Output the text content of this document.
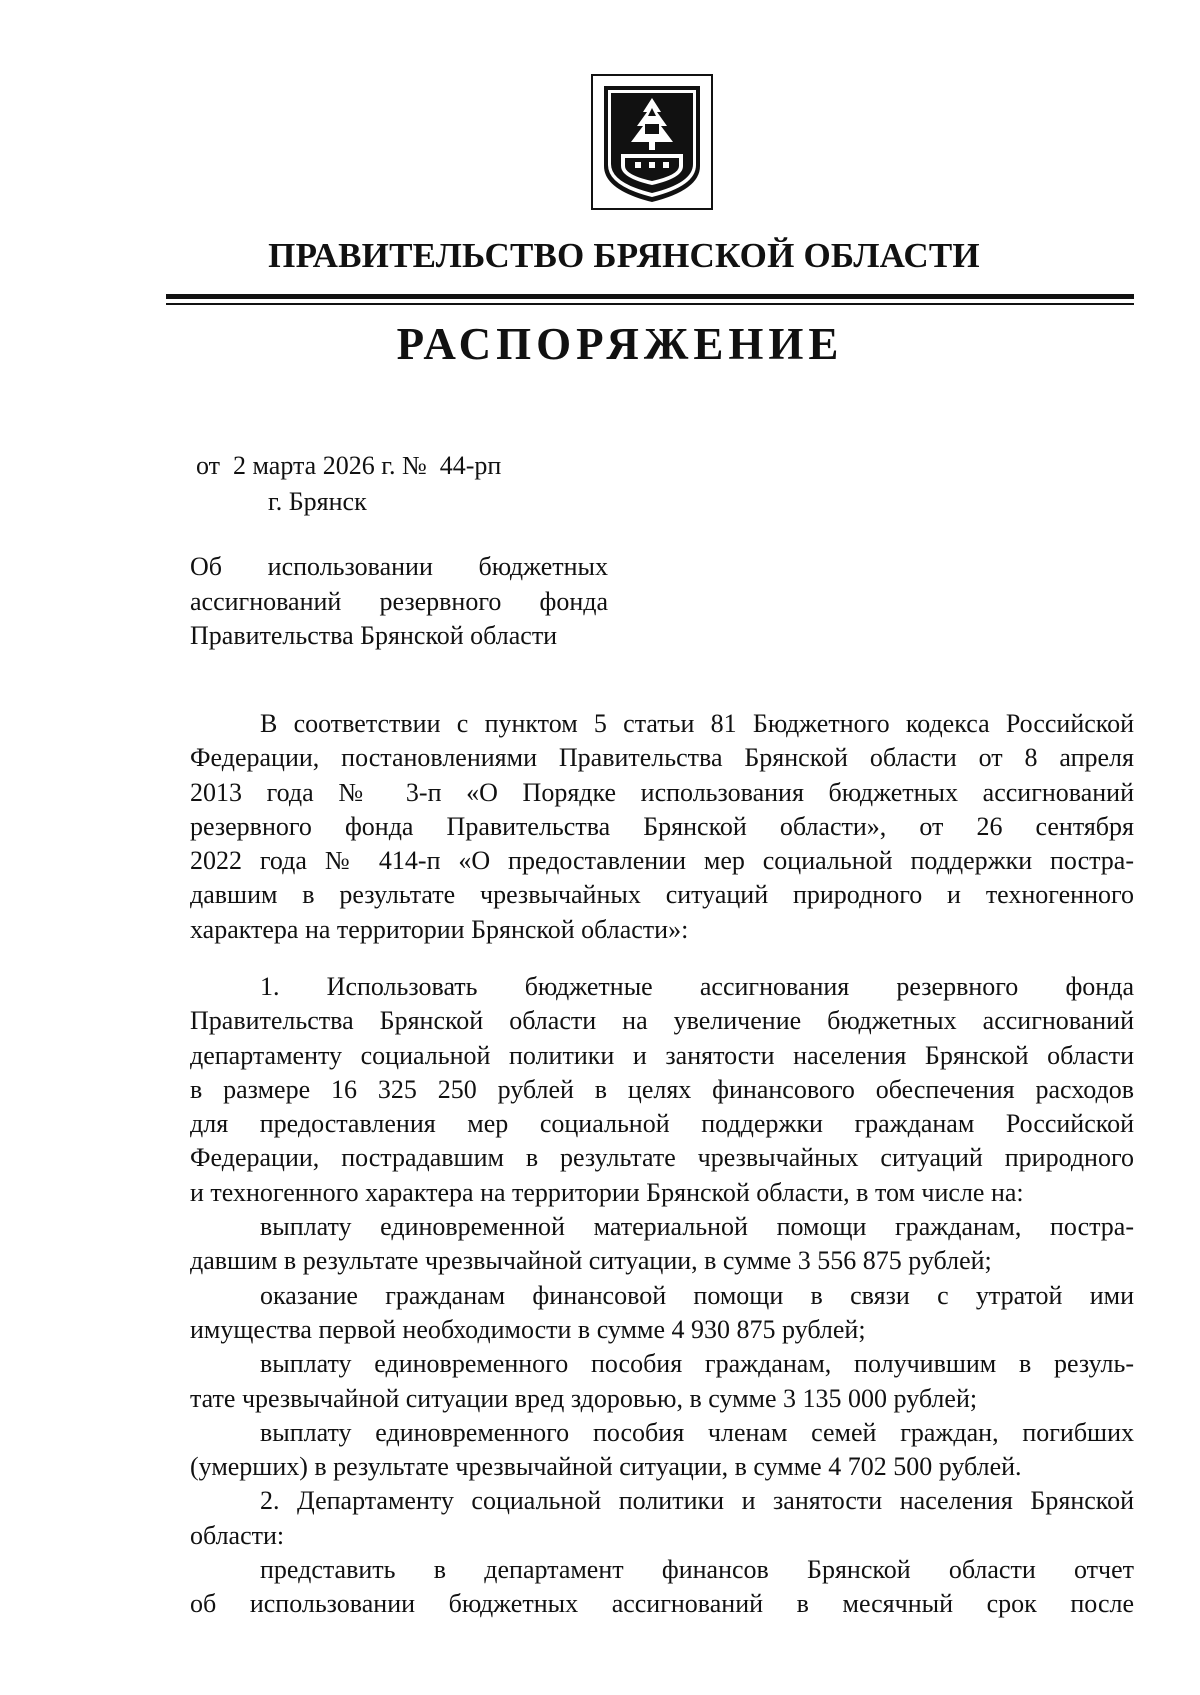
ПРАВИТЕЛЬСТВО БРЯНСКОЙ ОБЛАСТИ
РАСПОРЯЖЕНИЕ
от  2 марта 2026 г. №  44-рп
г. Брянск
Об использовании бюджетных
ассигнований резервного фонда
Правительства Брянской области
В соответствии с пунктом 5 статьи 81 Бюджетного кодекса Российской
Федерации, постановлениями Правительства Брянской области от 8 апреля
2013 года № 3-п «О Порядке использования бюджетных ассигнований
резервного фонда Правительства Брянской области», от 26 сентября
2022 года № 414-п «О предоставлении мер социальной поддержки постра-
давшим в результате чрезвычайных ситуаций природного и техногенного
характера на территории Брянской области»:
1. Использовать бюджетные ассигнования резервного фонда
Правительства Брянской области на увеличение бюджетных ассигнований
департаменту социальной политики и занятости населения Брянской области
в размере 16 325 250 рублей в целях финансового обеспечения расходов
для предоставления мер социальной поддержки гражданам Российской
Федерации, пострадавшим в результате чрезвычайных ситуаций природного
и техногенного характера на территории Брянской области, в том числе на:
выплату единовременной материальной помощи гражданам, постра-
давшим в результате чрезвычайной ситуации, в сумме 3 556 875 рублей;
оказание гражданам финансовой помощи в связи с утратой ими
имущества первой необходимости в сумме 4 930 875 рублей;
выплату единовременного пособия гражданам, получившим в резуль-
тате чрезвычайной ситуации вред здоровью, в сумме 3 135 000 рублей;
выплату единовременного пособия членам семей граждан, погибших
(умерших) в результате чрезвычайной ситуации, в сумме 4 702 500 рублей.
2. Департаменту социальной политики и занятости населения Брянской
области:
представить в департамент финансов Брянской области отчет
об использовании бюджетных ассигнований в месячный срок после
